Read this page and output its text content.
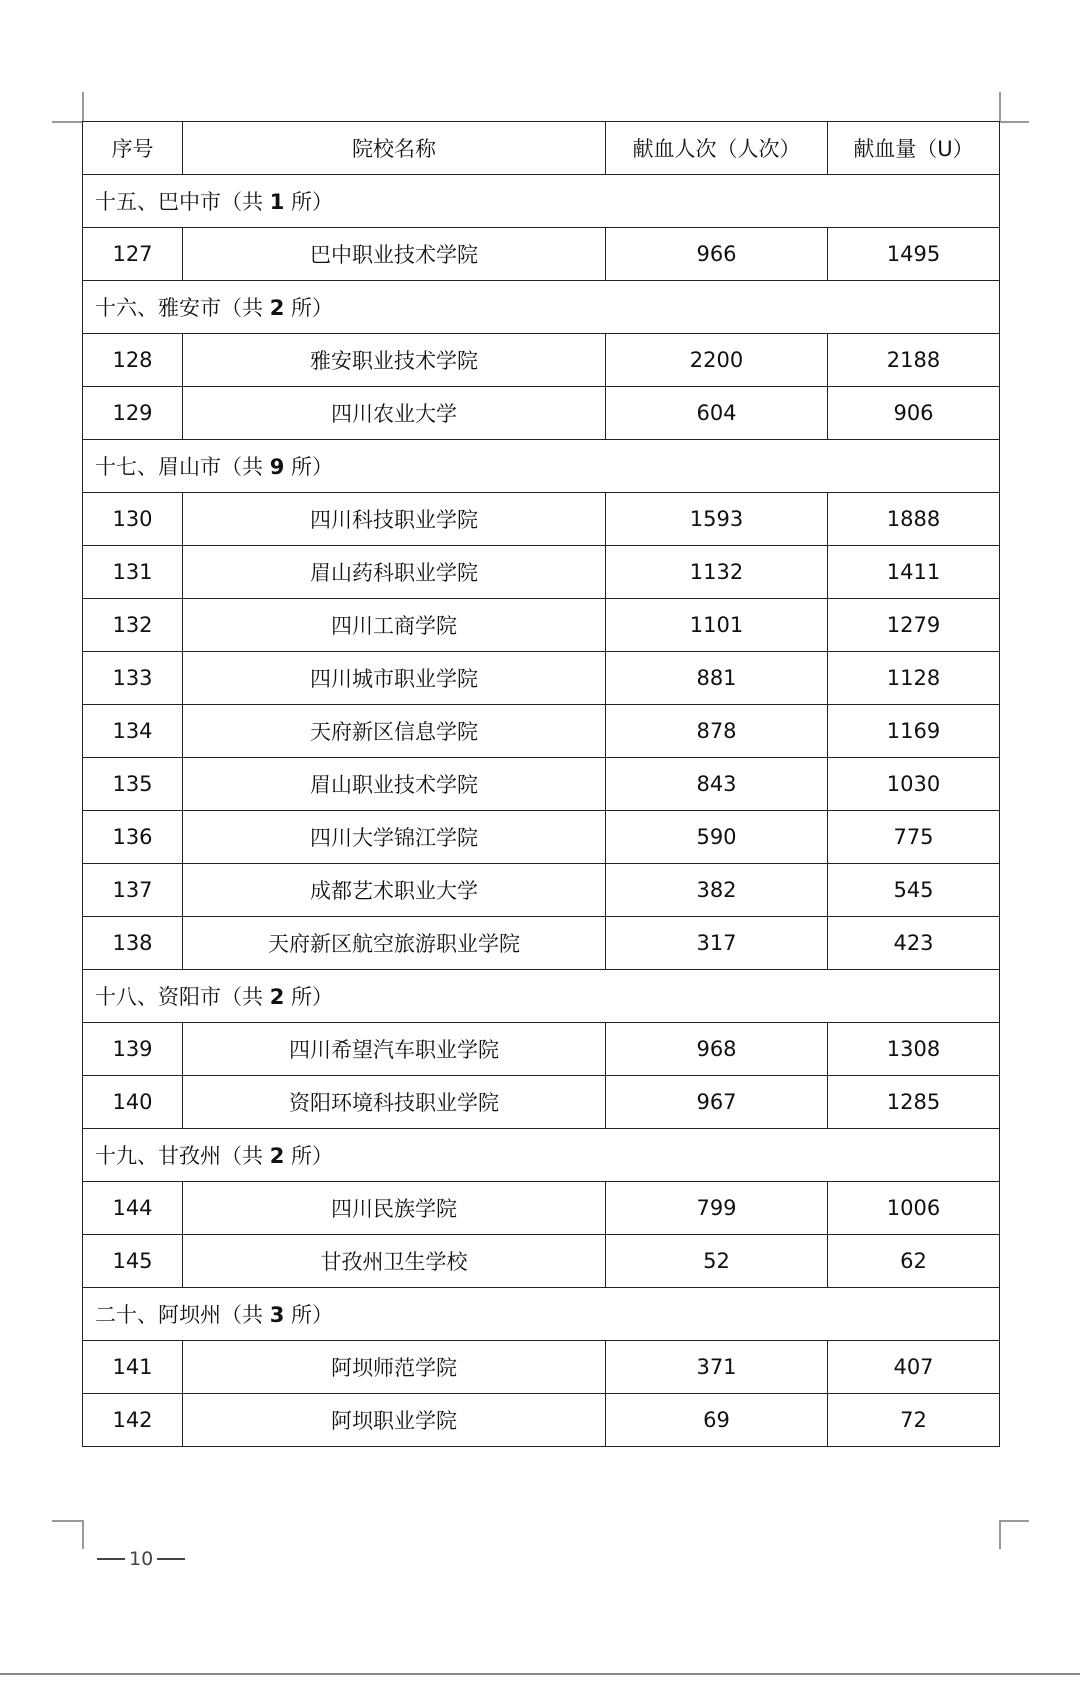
序号	院校名称	献血人次（人次）	献血量（U）
十五、巴中市（共 1 所）			
127	巴中职业技术学院	966	1495
十六、雅安市（共 2 所）			
128	雅安职业技术学院	2200	2188
129	四川农业大学	604	906
十七、眉山市（共 9 所）			
130	四川科技职业学院	1593	1888
131	眉山药科职业学院	1132	1411
132	四川工商学院	1101	1279
133	四川城市职业学院	881	1128
134	天府新区信息学院	878	1169
135	眉山职业技术学院	843	1030
136	四川大学锦江学院	590	775
137	成都艺术职业大学	382	545
138	天府新区航空旅游职业学院	317	423
十八、资阳市（共 2 所）			
139	四川希望汽车职业学院	968	1308
140	资阳环境科技职业学院	967	1285
十九、甘孜州（共 2 所）			
144	四川民族学院	799	1006
145	甘孜州卫生学校	52	62
二十、阿坝州（共 3 所）			
141	阿坝师范学院	371	407
142	阿坝职业学院	69	72
10
